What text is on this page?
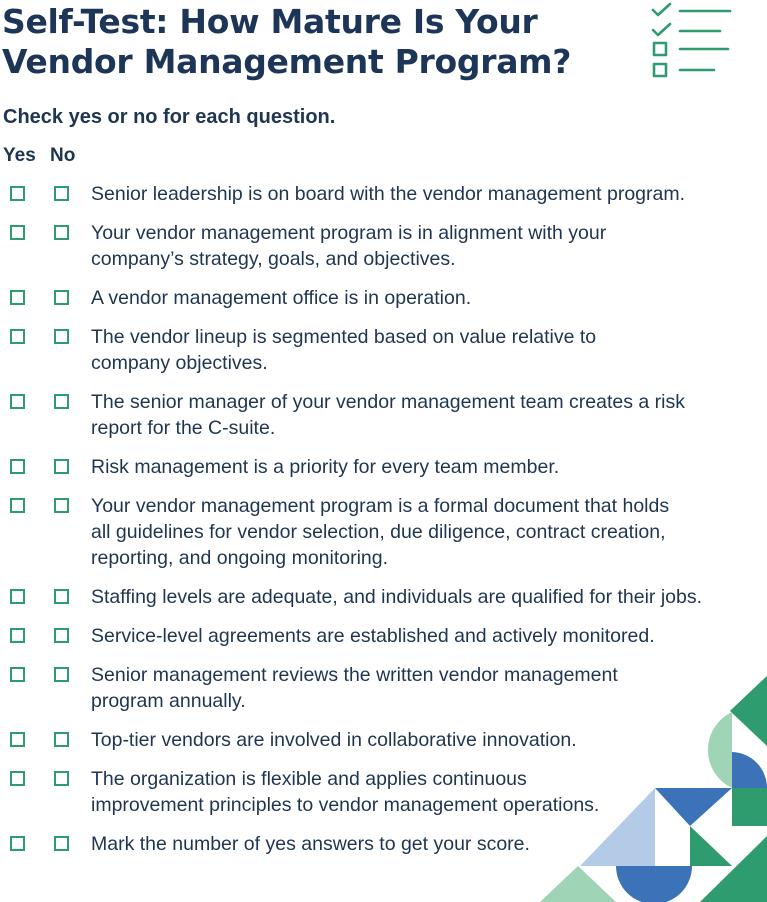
Self-Test: How Mature Is Your
Vendor Management Program?
Check yes or no for each question.
Yes No
Senior leadership is on board with the vendor management program.
Your vendor management program is in alignment with your
company’s strategy, goals, and objectives.
A vendor management office is in operation.
The vendor lineup is segmented based on value relative to
company objectives.
The senior manager of your vendor management team creates a risk
report for the C-suite.
Risk management is a priority for every team member.
Your vendor management program is a formal document that holds
all guidelines for vendor selection, due diligence, contract creation,
reporting, and ongoing monitoring.
Staffing levels are adequate, and individuals are qualified for their jobs.
Service-level agreements are established and actively monitored.
Senior management reviews the written vendor management
program annually.
Top-tier vendors are involved in collaborative innovation.
The organization is flexible and applies continuous
improvement principles to vendor management operations.
Mark the number of yes answers to get your score.
